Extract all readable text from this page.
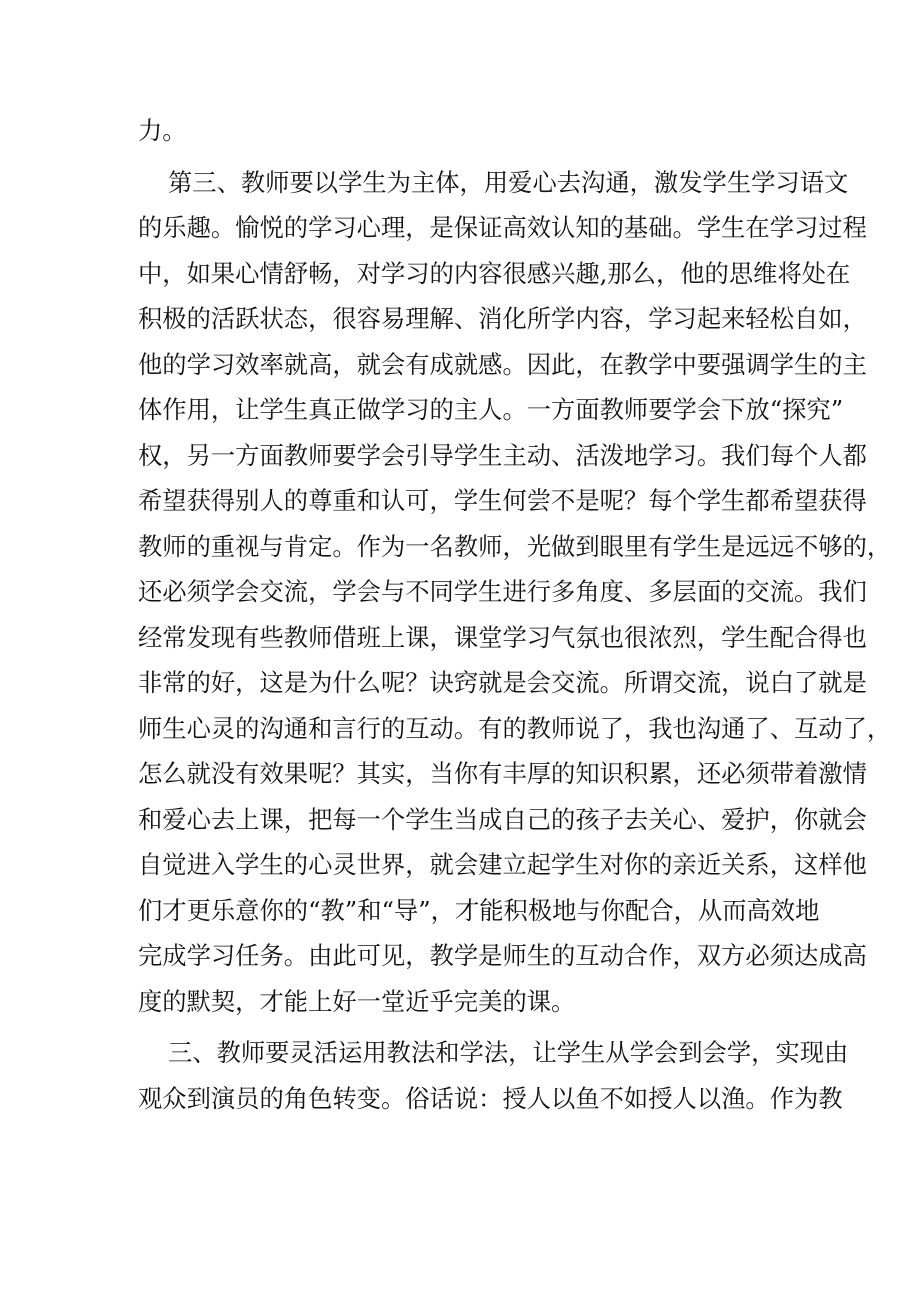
力。
第三、教师要以学生为主体，用爱心去沟通，激发学生学习语文
的乐趣。愉悦的学习心理，是保证高效认知的基础。学生在学习过程
中，如果心情舒畅，对学习的内容很感兴趣,那么，他的思维将处在
积极的活跃状态，很容易理解、消化所学内容，学习起来轻松自如，
他的学习效率就高，就会有成就感。因此，在教学中要强调学生的主
体作用，让学生真正做学习的主人。一方面教师要学会下放“探究”
权，另一方面教师要学会引导学生主动、活泼地学习。我们每个人都
希望获得别人的尊重和认可，学生何尝不是呢？每个学生都希望获得
教师的重视与肯定。作为一名教师，光做到眼里有学生是远远不够的，
还必须学会交流，学会与不同学生进行多角度、多层面的交流。我们
经常发现有些教师借班上课，课堂学习气氛也很浓烈，学生配合得也
非常的好，这是为什么呢？诀窍就是会交流。所谓交流，说白了就是
师生心灵的沟通和言行的互动。有的教师说了，我也沟通了、互动了，
怎么就没有效果呢？其实，当你有丰厚的知识积累，还必须带着激情
和爱心去上课，把每一个学生当成自己的孩子去关心、爱护，你就会
自觉进入学生的心灵世界，就会建立起学生对你的亲近关系，这样他
们才更乐意你的“教”和“导”，才能积极地与你配合，从而高效地
完成学习任务。由此可见，教学是师生的互动合作，双方必须达成高
度的默契，才能上好一堂近乎完美的课。
三、教师要灵活运用教法和学法，让学生从学会到会学，实现由
观众到演员的角色转变。俗话说：授人以鱼不如授人以渔。作为教
